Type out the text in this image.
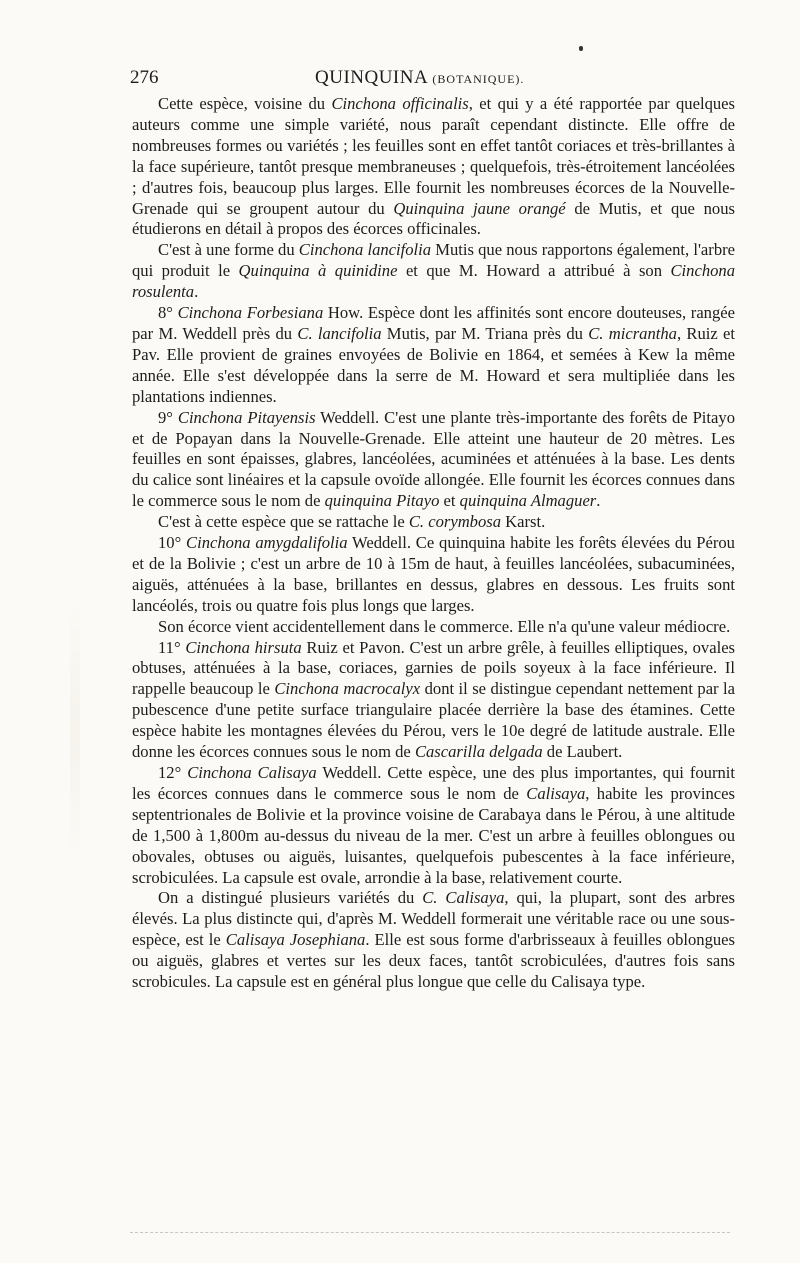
276	QUINQUINA (BOTANIQUE).

Cette espèce, voisine du Cinchona officinalis, et qui y a été rapportée par quelques auteurs comme une simple variété, nous paraît cependant distincte. Elle offre de nombreuses formes ou variétés ; les feuilles sont en effet tantôt coriaces et très-brillantes à la face supérieure, tantôt presque membraneuses ; quelquefois, très-étroitement lancéolées ; d'autres fois, beaucoup plus larges. Elle fournit les nombreuses écorces de la Nouvelle-Grenade qui se groupent autour du Quinquina jaune orangé de Mutis, et que nous étudierons en détail à propos des écorces officinales.

C'est à une forme du Cinchona lancifolia Mutis que nous rapportons également, l'arbre qui produit le Quinquina à quinidine et que M. Howard a attribué à son Cinchona rosulenta.

8° Cinchona Forbesiana How. Espèce dont les affinités sont encore douteuses, rangée par M. Weddell près du C. lancifolia Mutis, par M. Triana près du C. micrantha, Ruiz et Pav. Elle provient de graines envoyées de Bolivie en 1864, et semées à Kew la même année. Elle s'est développée dans la serre de M. Howard et sera multipliée dans les plantations indiennes.

9° Cinchona Pitayensis Weddell. C'est une plante très-importante des forêts de Pitayo et de Popayan dans la Nouvelle-Grenade. Elle atteint une hauteur de 20 mètres. Les feuilles en sont épaisses, glabres, lancéolées, acuminées et atténuées à la base. Les dents du calice sont linéaires et la capsule ovoïde allongée. Elle fournit les écorces connues dans le commerce sous le nom de quinquina Pitayo et quinquina Almaguer.

C'est à cette espèce que se rattache le C. corymbosa Karst.

10° Cinchona amygdalifolia Weddell. Ce quinquina habite les forêts élevées du Pérou et de la Bolivie ; c'est un arbre de 10 à 15m de haut, à feuilles lancéolées, subacuminées, aiguës, atténuées à la base, brillantes en dessus, glabres en dessous. Les fruits sont lancéolés, trois ou quatre fois plus longs que larges.

Son écorce vient accidentellement dans le commerce. Elle n'a qu'une valeur médiocre.

11° Cinchona hirsuta Ruiz et Pavon. C'est un arbre grêle, à feuilles elliptiques, ovales obtuses, atténuées à la base, coriaces, garnies de poils soyeux à la face inférieure. Il rappelle beaucoup le Cinchona macrocalyx dont il se distingue cependant nettement par la pubescence d'une petite surface triangulaire placée derrière la base des étamines. Cette espèce habite les montagnes élevées du Pérou, vers le 10e degré de latitude australe. Elle donne les écorces connues sous le nom de Cascarilla delgada de Laubert.

12° Cinchona Calisaya Weddell. Cette espèce, une des plus importantes, qui fournit les écorces connues dans le commerce sous le nom de Calisaya, habite les provinces septentrionales de Bolivie et la province voisine de Carabaya dans le Pérou, à une altitude de 1,500 à 1,800m au-dessus du niveau de la mer. C'est un arbre à feuilles oblongues ou obovales, obtuses ou aiguës, luisantes, quelquefois pubescentes à la face inférieure, scrobiculées. La capsule est ovale, arrondie à la base, relativement courte.

On a distingué plusieurs variétés du C. Calisaya, qui, la plupart, sont des arbres élevés. La plus distincte qui, d'après M. Weddell formerait une véritable race ou une sous-espèce, est le Calisaya Josephiana. Elle est sous forme d'arbrisseaux à feuilles oblongues ou aiguës, glabres et vertes sur les deux faces, tantôt scrobiculées, d'autres fois sans scrobicules. La capsule est en général plus longue que celle du Calisaya type.
